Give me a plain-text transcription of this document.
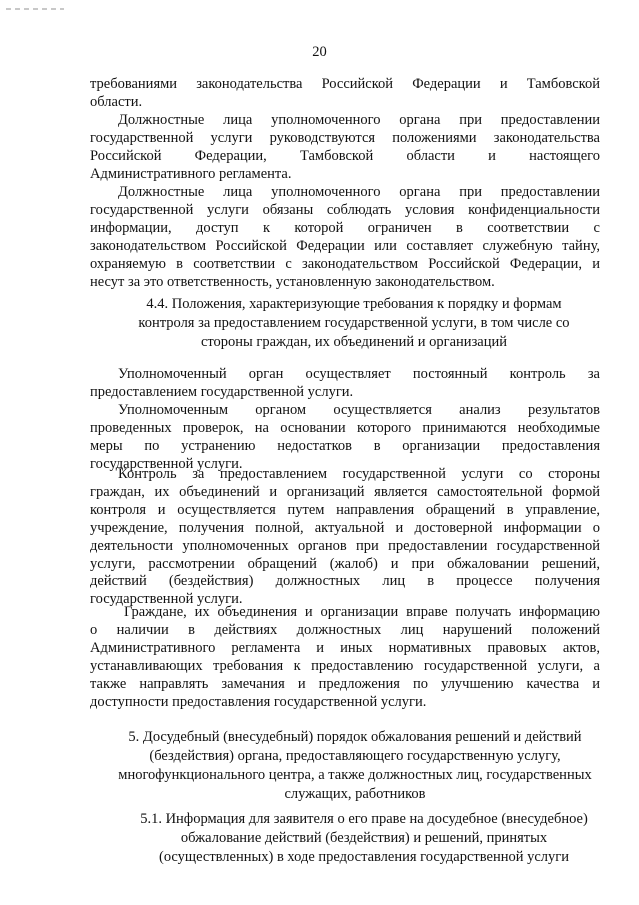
20
требованиями законодательства Российской Федерации и Тамбовской
области.
Должностные лица уполномоченного органа при предоставлении
государственной услуги руководствуются положениями законодательства
Российской Федерации, Тамбовской области и настоящего
Административного регламента.
Должностные лица уполномоченного органа при предоставлении
государственной услуги обязаны соблюдать условия конфиденциальности
информации, доступ к которой ограничен в соответствии с
законодательством Российской Федерации или составляет служебную тайну,
охраняемую в соответствии с законодательством Российской Федерации, и
несут за это ответственность, установленную законодательством.
4.4. Положения, характеризующие требования к порядку и формам
контроля за предоставлением государственной услуги, в том числе со
стороны граждан, их объединений и организаций
Уполномоченный орган осуществляет постоянный контроль за
предоставлением государственной услуги.
Уполномоченным органом осуществляется анализ результатов
проведенных проверок, на основании которого принимаются необходимые
меры по устранению недостатков в организации предоставления
государственной услуги.
Контроль за предоставлением государственной услуги со стороны
граждан, их объединений и организаций является самостоятельной формой
контроля и осуществляется путем направления обращений в управление,
учреждение, получения полной, актуальной и достоверной информации о
деятельности уполномоченных органов при предоставлении государственной
услуги, рассмотрении обращений (жалоб) и при обжаловании решений,
действий (бездействия) должностных лиц в процессе получения
государственной услуги.
Граждане, их объединения и организации вправе получать информацию
о наличии в действиях должностных лиц нарушений положений
Административного регламента и иных нормативных правовых актов,
устанавливающих требования к предоставлению государственной услуги, а
также направлять замечания и предложения по улучшению качества и
доступности предоставления государственной услуги.
5. Досудебный (внесудебный) порядок обжалования решений и действий
(бездействия) органа, предоставляющего государственную услугу,
многофункционального центра, а также должностных лиц, государственных
служащих, работников
5.1. Информация для заявителя о его праве на досудебное (внесудебное)
обжалование действий (бездействия) и решений, принятых
(осуществленных) в ходе предоставления государственной услуги
